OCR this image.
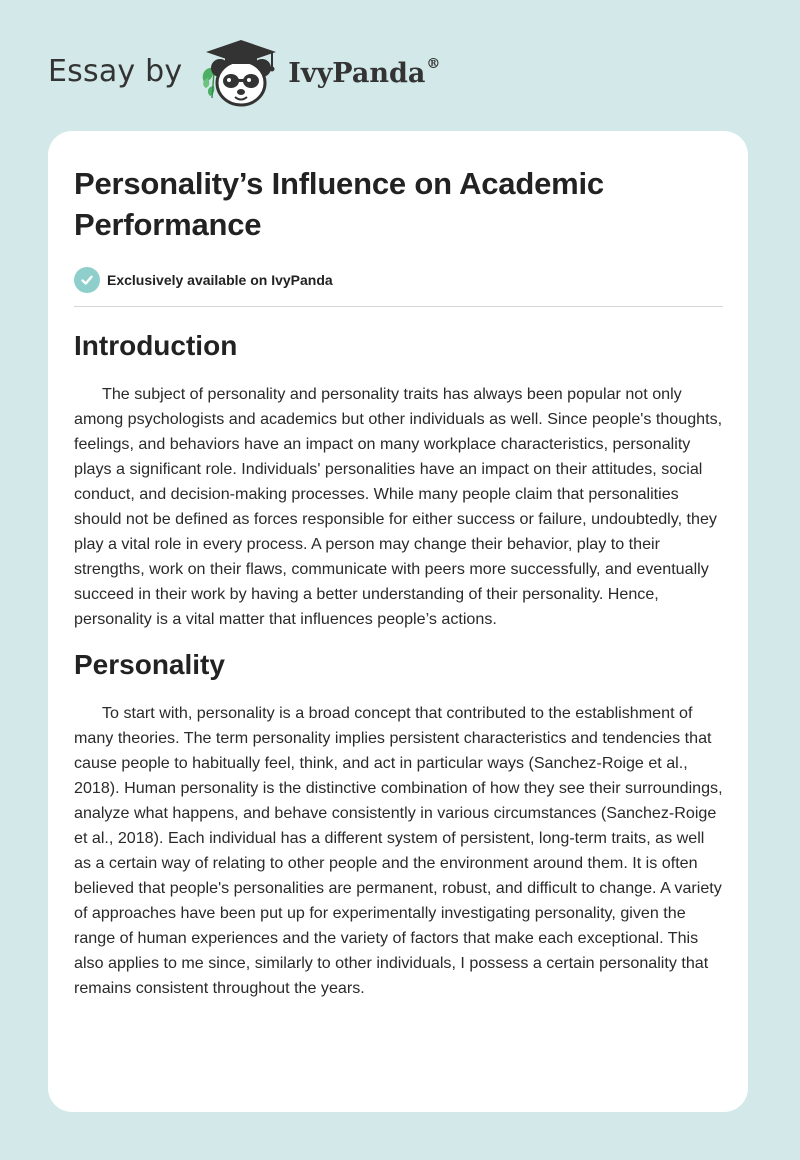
Essay by	IvyPanda®
Personality’s Influence on Academic Performance
Exclusively available on IvyPanda
Introduction

The subject of personality and personality traits has always been popular not only among psychologists and academics but other individuals as well. Since people's thoughts, feelings, and behaviors have an impact on many workplace characteristics, personality plays a significant role. Individuals' personalities have an impact on their attitudes, social conduct, and decision-making processes. While many people claim that personalities should not be defined as forces responsible for either success or failure, undoubtedly, they play a vital role in every process. A person may change their behavior, play to their strengths, work on their flaws, communicate with peers more successfully, and eventually succeed in their work by having a better understanding of their personality. Hence, personality is a vital matter that influences people’s actions.

Personality

To start with, personality is a broad concept that contributed to the establishment of many theories. The term personality implies persistent characteristics and tendencies that cause people to habitually feel, think, and act in particular ways (Sanchez-Roige et al., 2018). Human personality is the distinctive combination of how they see their surroundings, analyze what happens, and behave consistently in various circumstances (Sanchez-Roige et al., 2018). Each individual has a different system of persistent, long-term traits, as well as a certain way of relating to other people and the environment around them. It is often believed that people's personalities are permanent, robust, and difficult to change. A variety of approaches have been put up for experimentally investigating personality, given the range of human experiences and the variety of factors that make each exceptional. This also applies to me since, similarly to other individuals, I possess a certain personality that remains consistent throughout the years.
